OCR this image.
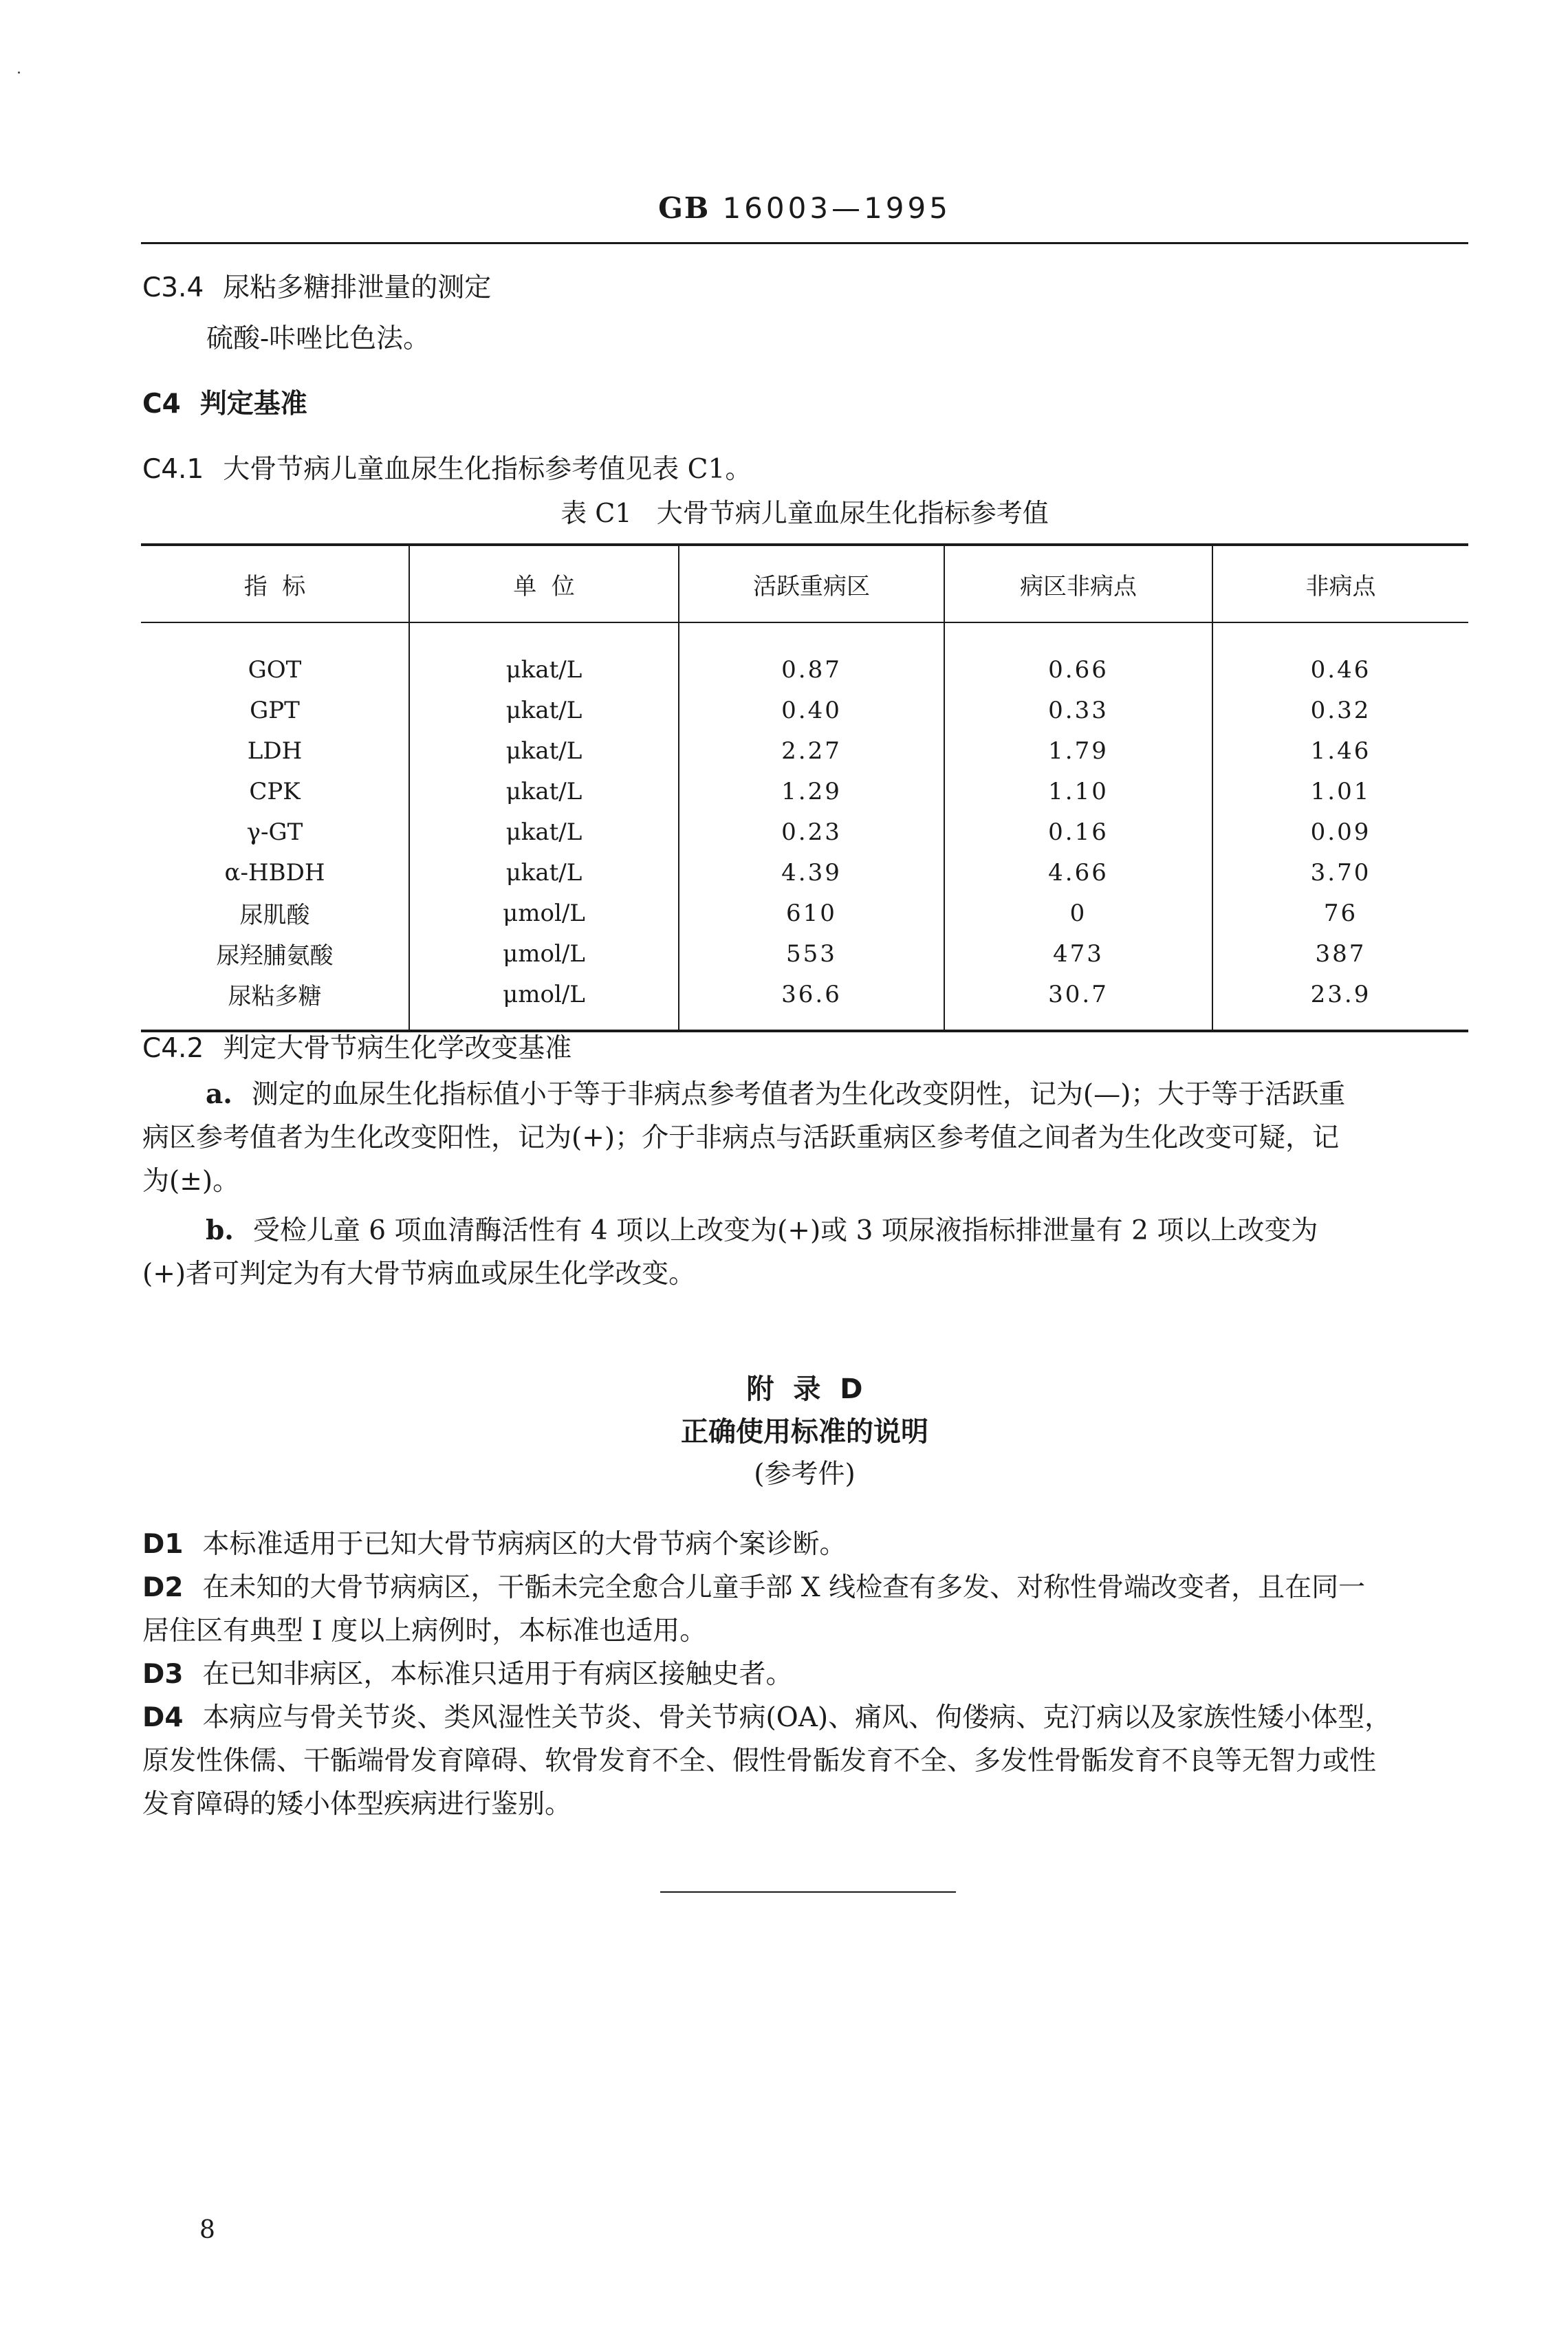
GB 16003—1995
C3.4 尿粘多糖排泄量的测定
硫酸-咔唑比色法。
C4 判定基准
C4.1 大骨节病儿童血尿生化指标参考值见表 C1。
表 C1   大骨节病儿童血尿生化指标参考值
指  标	单  位	活跃重病区	病区非病点	非病点
GOT	μkat/L	0.87	0.66	0.46
GPT	μkat/L	0.40	0.33	0.32
LDH	μkat/L	2.27	1.79	1.46
CPK	μkat/L	1.29	1.10	1.01
γ-GT	μkat/L	0.23	0.16	0.09
α-HBDH	μkat/L	4.39	4.66	3.70
尿肌酸	μmol/L	610	0	76
尿羟脯氨酸	μmol/L	553	473	387
尿粘多糖	μmol/L	36.6	30.7	23.9
C4.2 判定大骨节病生化学改变基准
a. 测定的血尿生化指标值小于等于非病点参考值者为生化改变阴性，记为(—)；大于等于活跃重
病区参考值者为生化改变阳性，记为(+)；介于非病点与活跃重病区参考值之间者为生化改变可疑，记
为(±)。
b. 受检儿童 6 项血清酶活性有 4 项以上改变为(+)或 3 项尿液指标排泄量有 2 项以上改变为
(+)者可判定为有大骨节病血或尿生化学改变。
附  录  D
正确使用标准的说明
(参考件)
D1 本标准适用于已知大骨节病病区的大骨节病个案诊断。
D2 在未知的大骨节病病区，干骺未完全愈合儿童手部 X 线检查有多发、对称性骨端改变者，且在同一
居住区有典型 Ⅰ 度以上病例时，本标准也适用。
D3 在已知非病区，本标准只适用于有病区接触史者。
D4 本病应与骨关节炎、类风湿性关节炎、骨关节病(OA)、痛风、佝偻病、克汀病以及家族性矮小体型，
原发性侏儒、干骺端骨发育障碍、软骨发育不全、假性骨骺发育不全、多发性骨骺发育不良等无智力或性
发育障碍的矮小体型疾病进行鉴别。
8
